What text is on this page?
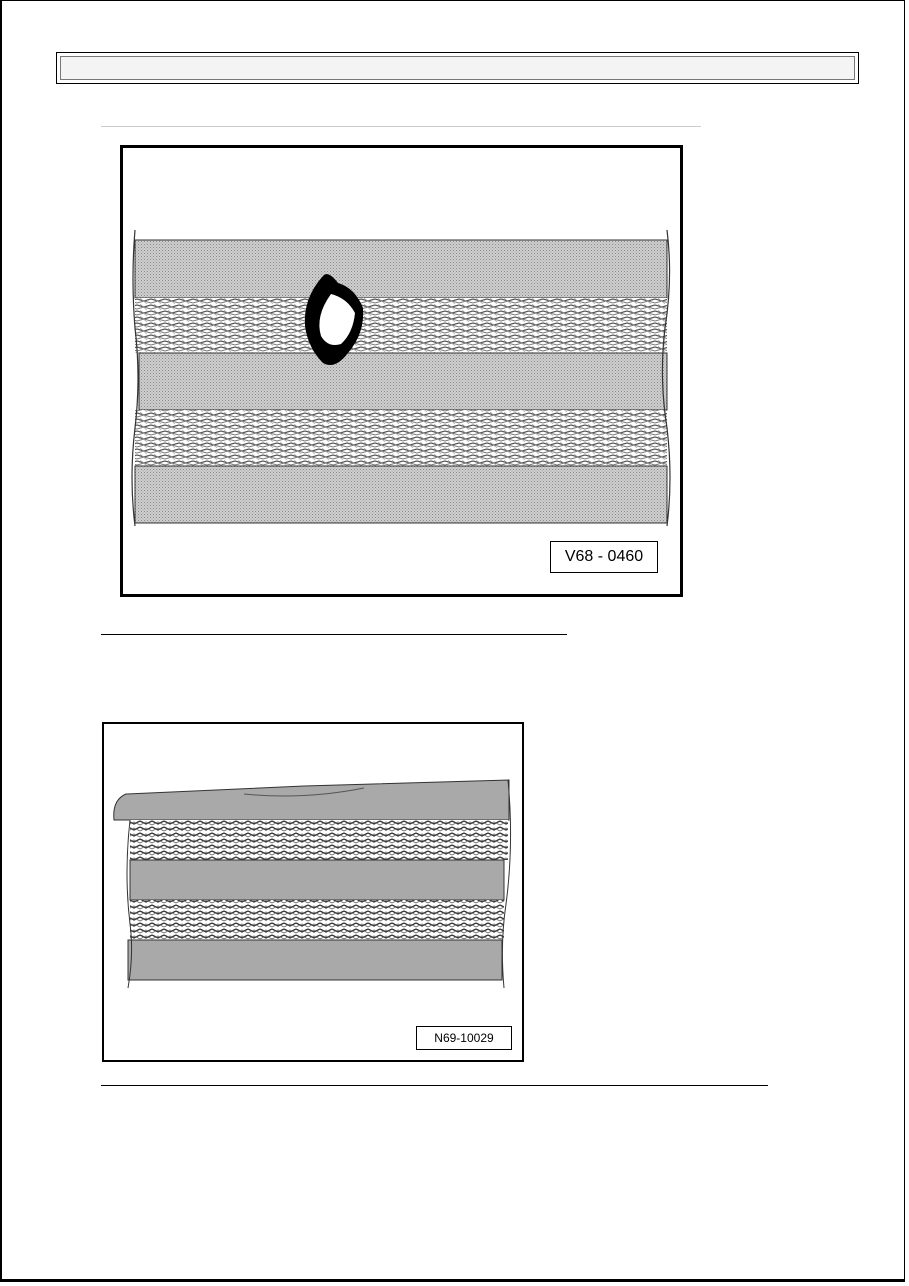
V68 - 0460
N69-10029
